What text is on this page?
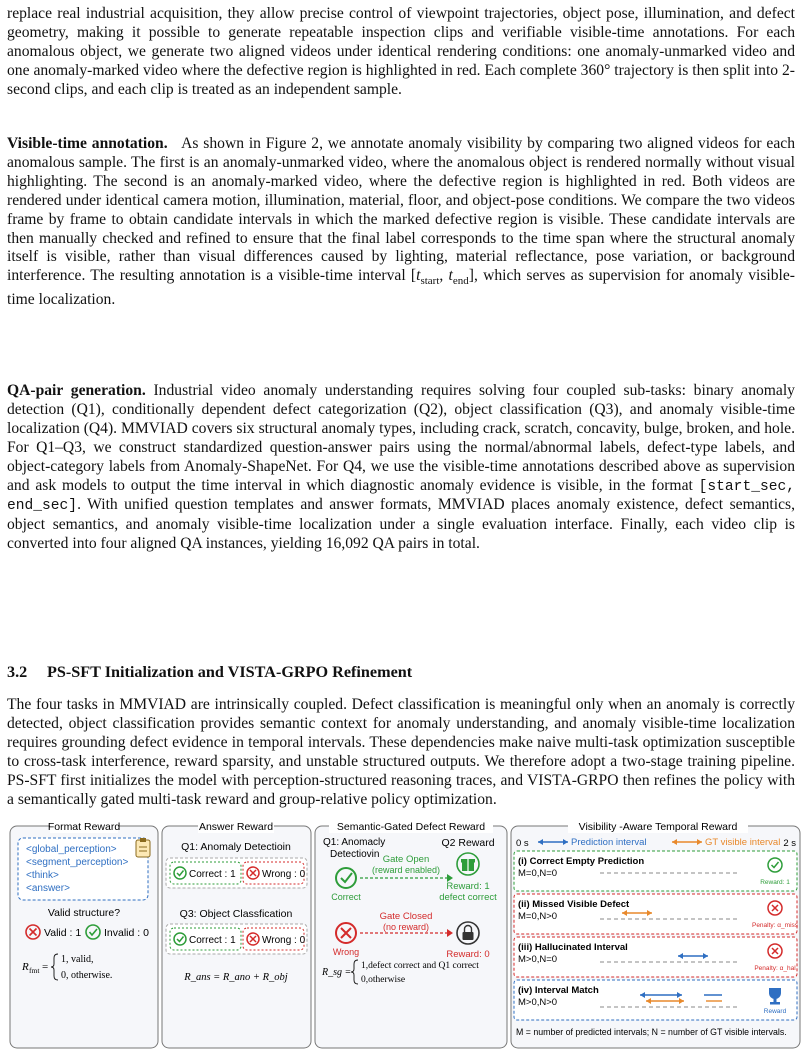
replace real industrial acquisition, they allow precise control of viewpoint trajectories, object pose, illumination, and defect geometry, making it possible to generate repeatable inspection clips and verifiable visible-time annotations. For each anomalous object, we generate two aligned videos under identical rendering conditions: one anomaly-unmarked video and one anomaly-marked video where the defective region is highlighted in red. Each complete 360° trajectory is then split into 2-second clips, and each clip is treated as an independent sample.

Visible-time annotation. As shown in Figure 2, we annotate anomaly visibility by comparing two aligned videos for each anomalous sample. The first is an anomaly-unmarked video, where the anomalous object is rendered normally without visual highlighting. The second is an anomaly-marked video, where the defective region is highlighted in red. Both videos are rendered under identical camera motion, illumination, material, floor, and object-pose conditions. We compare the two videos frame by frame to obtain candidate intervals in which the marked defective region is visible. These candidate intervals are then manually checked and refined to ensure that the final label corresponds to the time span where the structural anomaly itself is visible, rather than visual differences caused by lighting, material reflectance, pose variation, or background interference. The resulting annotation is a visible-time interval [$t_{start}$, $t_{end}$], which serves as supervision for anomaly visible-time localization.

QA-pair generation. Industrial video anomaly understanding requires solving four coupled sub-tasks: binary anomaly detection (Q1), conditionally dependent defect categorization (Q2), object classification (Q3), and anomaly visible-time localization (Q4). MMVIAD covers six structural anomaly types, including crack, scratch, concavity, bulge, broken, and hole. For Q1–Q3, we construct standardized question-answer pairs using the normal/abnormal labels, defect-type labels, and object-category labels from Anomaly-ShapeNet. For Q4, we use the visible-time annotations described above as supervision and ask models to output the time interval in which diagnostic anomaly evidence is visible, in the format [start_sec, end_sec]. With unified question templates and answer formats, MMVIAD places anomaly existence, defect semantics, object semantics, and anomaly visible-time localization under a single evaluation interface. Finally, each video clip is converted into four aligned QA instances, yielding 16,092 QA pairs in total.

3.2 PS-SFT Initialization and VISTA-GRPO Refinement

The four tasks in MMVIAD are intrinsically coupled. Defect classification is meaningful only when an anomaly is correctly detected, object classification provides semantic context for anomaly understanding, and anomaly visible-time localization requires grounding defect evidence in temporal intervals. These dependencies make naive multi-task optimization susceptible to cross-task interference, reward sparsity, and unstable structured outputs. We therefore adopt a two-stage training pipeline. PS-SFT first initializes the model with perception-structured reasoning traces, and VISTA-GRPO then refines the policy with a semantically gated multi-task reward and group-relative policy optimization.

Format Reward
<global_perception>
<segment_perception>
<think>
<answer>
Valid structure?
Valid : 1 Invalid : 0
R fmt =
1, valid,
0, otherwise.
Answer Reward
Q1: Anomaly Detectioin
Correct : 1	Wrong : 0
Q3: Object Classfication
Correct : 1	Wrong : 0
R_ans = R_ano + R_obj
Semantic-Gated Defect Reward
Q1: Anomacly
Detectiovin
Q2 Reward
Correct
Gate Open
(reward enabled)
Reward: 1
defect correct
Wrong
Gate Closed
(no reward)
Reward: 0
R_sg =
1,defect correct and Q1 correct
0,otherwise
Visibility -Aware Temporal Reward
0 s	2 s
Prediction interval	GT visible interval
(i) Correct Empty Prediction
M=0,N=0
Reward: 1
(ii) Missed Visible Defect
M=0,N>0
Penalty: α_miss
(iii) Hallucinated Interval
M>0,N=0
Penalty: α_hal
(iv) Interval Match
M>0,N>0
Reward
M = number of predicted intervals; N = number of GT visible intervals.
